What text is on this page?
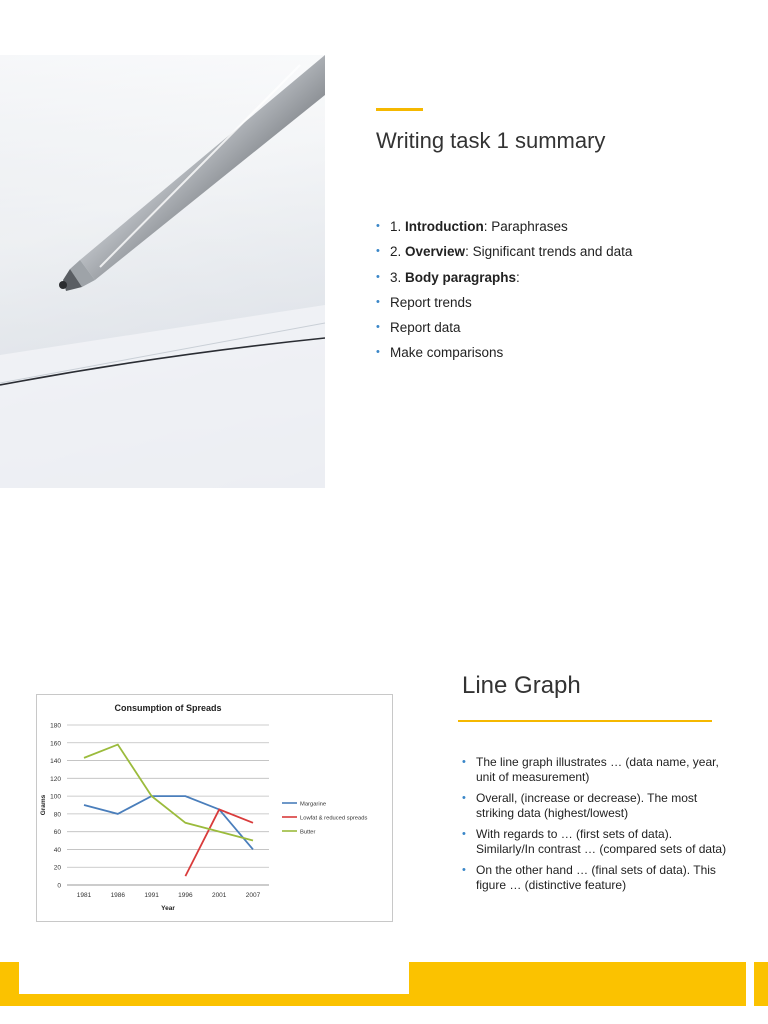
Writing task 1 summary
• 1. Introduction: Paraphrases
• 2. Overview: Significant trends and data
• 3. Body paragraphs:
• Report trends
• Report data
• Make comparisons
Consumption of Spreads
0
20
40
60
80
100
120
140
160
180
1981	1986	1991	1996	2001	2007
Year
Grams	Margarine
Lowfat & reduced spreads
Butter
Line Graph
• The line graph illustrates … (data name, year, unit of measurement)
• Overall, (increase or decrease). The most striking data (highest/lowest)
• With regards to … (first sets of data). Similarly/In contrast … (compared sets of data)
• On the other hand … (final sets of data). This figure … (distinctive feature)
